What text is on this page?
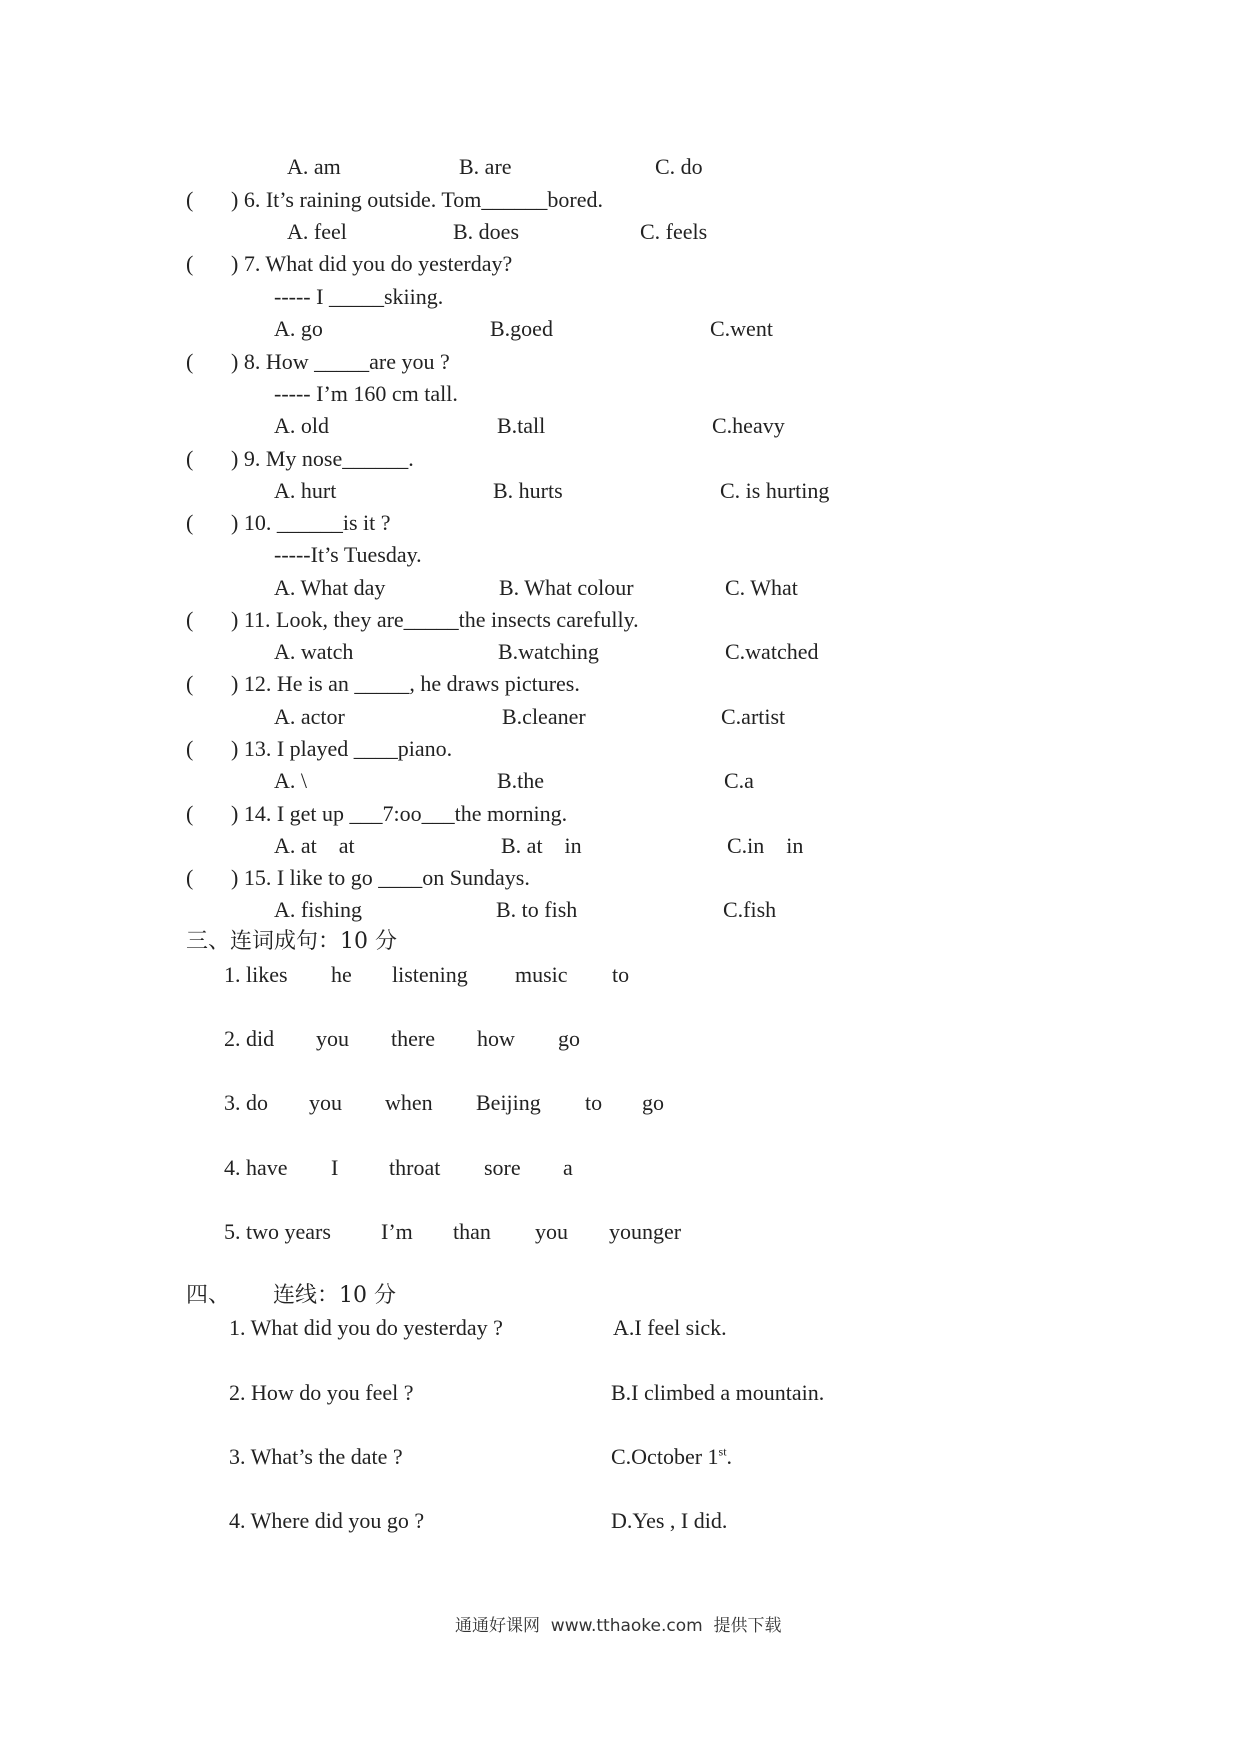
A. am	B. are	C. do
( ) 6. It’s raining outside. Tom______bored.
A. feel	B. does	C. feels
( ) 7. What did you do yesterday?
----- I _____skiing.
A. go	B.goed	C.went
( ) 8. How _____are you ?
----- I’m 160 cm tall.
A. old	B.tall	C.heavy
( ) 9. My nose______.
A. hurt	B. hurts	C. is hurting
( ) 10. ______is it ?
-----It’s Tuesday.
A. What day	B. What colour	C. What
( ) 11. Look, they are_____the insects carefully.
A. watch	B.watching	C.watched
( ) 12. He is an _____, he draws pictures.
A. actor	B.cleaner	C.artist
( ) 13. I played ____piano.
A. \	B.the	C.a
( ) 14. I get up ___7:oo___the morning.
A. at    at	B. at    in	C.in    in
( ) 15. I like to go ____on Sundays.
A. fishing	B. to fish	C.fish
三、连词成句：10 分
1. likes he listening music to
2. did you there how go
3. do you when Beijing to go
4. have I throat sore a
5. two years I’m than you younger
四、 连线：10 分
1. What did you do yesterday ?	A.I feel sick.
2. How do you feel ?	B.I climbed a mountain.
3. What’s the date ?	C.October 1st.
4. Where did you go ?	D.Yes , I did.
通通好课网  www.tthaoke.com  提供下载
